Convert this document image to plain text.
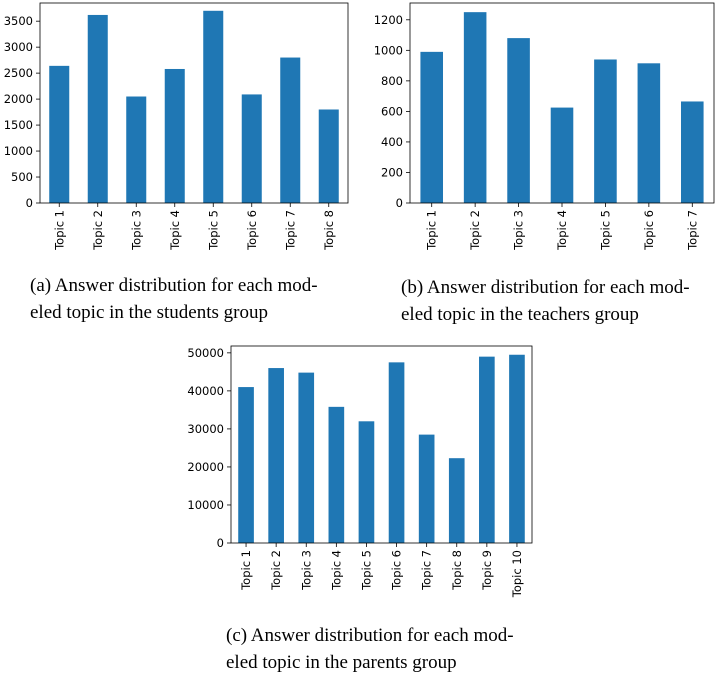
0
500
1000
1500
2000
2500
3000
3500
Topic 1 Topic 2 Topic 3 Topic 4 Topic 5 Topic 6 Topic 7 Topic 8
0
200
400
600
800
1000
1200
Topic 1	Topic 2	Topic 3	Topic 4	Topic 5	Topic 6	Topic 7
0
10000
20000
30000
40000
50000
Topic 1 Topic 2 Topic 3 Topic 4 Topic 5 Topic 6 Topic 7 Topic 8 Topic 9 Topic 10

(a) Answer distribution for each mod-
eled topic in the students group

(b) Answer distribution for each mod-
eled topic in the teachers group

(c) Answer distribution for each mod-
eled topic in the parents group
